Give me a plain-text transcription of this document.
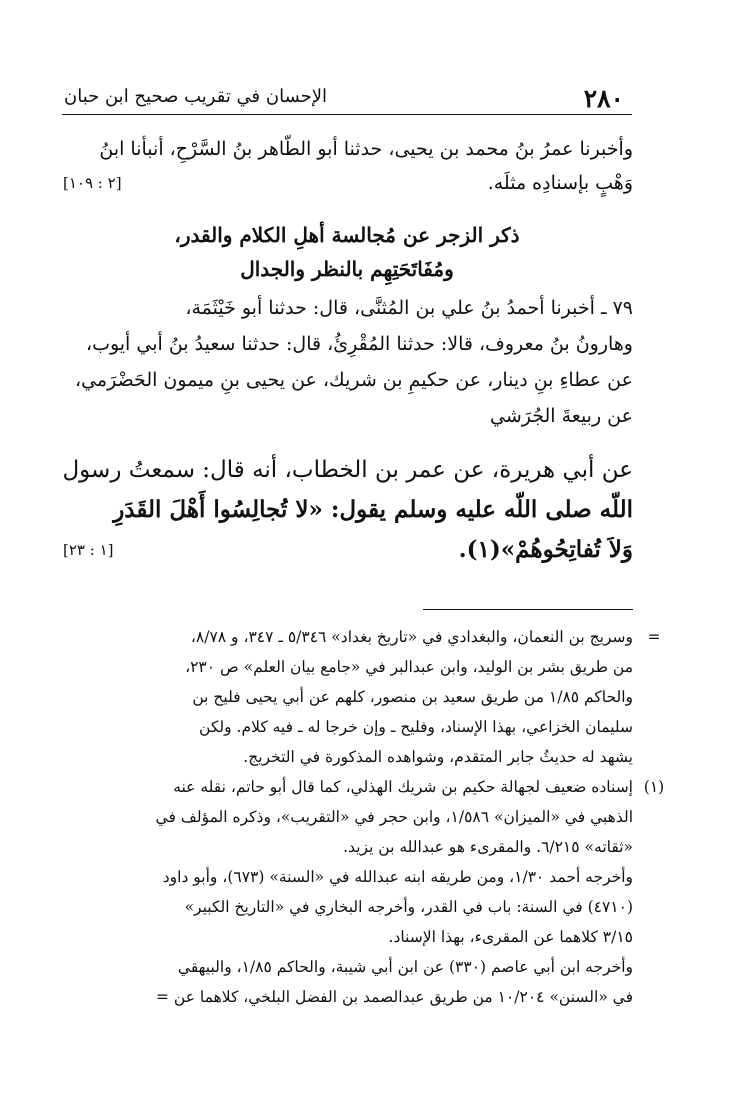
٢٨٠
الإحسان في تقريب صحيح ابن حبان
وأخبرنا عمرُ بنُ محمد بن يحيى، حدثنا أبو الطّاهر بنُ السَّرْحِ، أنبأنا ابنُ
وَهْبٍ بإسنادِه مثلَه.
[٢ : ١٠٩]
ذكر الزجر عن مُجالسة أهلِ الكلام والقدر،
ومُفَاتَحَتِهِم بالنظر والجدال
٧٩ ـ أخبرنا أحمدُ بنُ علي بن المُثنَّى، قال: حدثنا أبو خَيْثَمَة،
وهارونُ بنُ معروف، قالا: حدثنا المُقْرِئُ، قال: حدثنا سعيدُ بنُ أبي أيوب،
عن عطاءِ بنِ دينار، عن حكيمِ بن شريك، عن يحيى بنِ ميمون الحَضْرَمي،
عن ربيعةَ الجُرَشي
عن أبي هريرة، عن عمر بن الخطاب، أنه قال: سمعتُ رسول
اللّه صلى اللّه عليه وسلم يقول: «لا تُجالِسُوا أَهْلَ القَدَرِ
وَلاَ تُفاتِحُوهُمْ»(١).
[١ : ٢٣]
=
وسريج بن النعمان، والبغدادي في «تاريخ بغداد» ٥/٣٤٦ ـ ٣٤٧، و ٨/٧٨،
من طريق بشر بن الوليد، وابن عبدالبر في «جامع بيان العلم» ص ٢٣٠،
والحاكم ١/٨٥ من طريق سعيد بن منصور، كلهم عن أبي يحيى فليح بن
سليمان الخزاعي، بهذا الإسناد، وفليح ـ وإن خرجا له ـ فيه كلام. ولكن
يشهد له حديثُ جابر المتقدم، وشواهده المذكورة في التخريج.
(١)
إسناده ضعيف لجهالة حكيم بن شريك الهذلي، كما قال أبو حاتم، نقله عنه
الذهبي في «الميزان» ١/٥٨٦، وابن حجر في «التقريب»، وذكره المؤلف في
«ثقاته» ٦/٢١٥. والمقرىء هو عبدالله بن يزيد.
وأخرجه أحمد ١/٣٠، ومن طريقه ابنه عبدالله في «السنة» (٦٧٣)، وأبو داود
(٤٧١٠) في السنة: باب في القدر، وأخرجه البخاري في «التاريخ الكبير»
٣/١٥ كلاهما عن المقرىء، بهذا الإسناد.
وأخرجه ابن أبي عاصم (٣٣٠) عن ابن أبي شيبة، والحاكم ١/٨٥، والبيهقي
في «السنن» ١٠/٢٠٤ من طريق عبدالصمد بن الفضل البلخي، كلاهما عن =
